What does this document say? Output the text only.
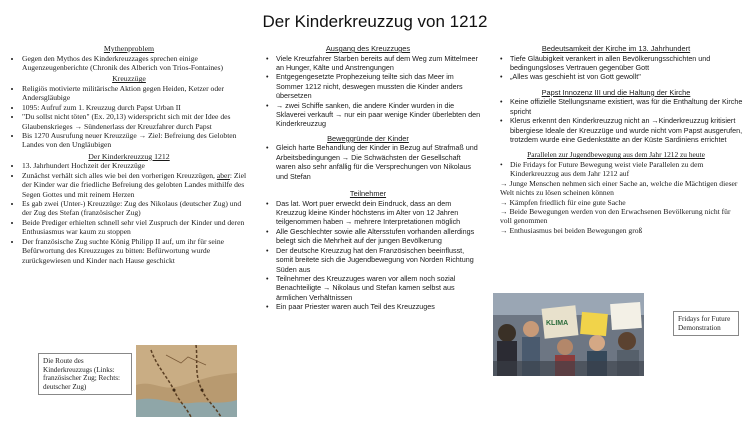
Der Kinderkreuzzug von 1212
Mythenproblem
• Gegen den Mythos des Kinderkreuzzages sprechen einige Augenzeugenberichte (Chronik des Alberich von Trios-Fontaines)
Kreuzzüge
• Religiös motivierte militärische Aktion gegen Heiden, Ketzer oder Andersgläubige
• 1095: Aufruf zum 1. Kreuzzug durch Papst Urban II
• "Du sollst nicht töten" (Ex. 20,13) widerspricht sich mit der Idee des Glaubenskrieges → Sündenerlass der Kreuzfahrer durch Papst
• Bis 1270 Ausrufung neuer Kreuzzüge → Ziel: Befreiung des Gelobten Landes von den Ungläubigen
Der Kinderkreuzzug 1212
• 13. Jahrhundert Hochzeit der Kreuzzüge
• Zunächst verhält sich alles wie bei den vorherigen Kreuzzügen, aber: Ziel der Kinder war die friedliche Befreiung des gelobten Landes mithilfe des Segen Gottes und mit reinem Herzen
• Es gab zwei (Unter-) Kreuzzüge: Zug des Nikolaus (deutscher Zug) und der Zug des Stefan (französischer Zug)
• Beide Prediger erhielten schnell sehr viel Zuspruch der Kinder und deren Enthusiasmus war kaum zu stoppen
• Der französische Zug suchte König Philipp II auf, um ihr für seine Befürwortung des Kreuzzuges zu bitten: Befürwortung wurde zurückgewiesen und Kinder nach Hause geschickt
Die Route des Kinderkreuzzugs (Links: französischer Zug; Rechts: deutscher Zug)
Ausgang des Kreuzzuges
• Viele Kreuzfahrer Starben bereits auf dem Weg zum Mittelmeer an Hunger, Kälte und Anstrengungen
• Entgegengesetzte Prophezeiung teilte sich das Meer im Sommer 1212 nicht, deswegen mussten die Kinder anders übersetzen
• → zwei Schiffe sanken, die andere Kinder wurden in die Sklaverei verkauft → nur ein paar wenige Kinder überlebten den Kinderkreuzzug
Beweggründe der Kinder
• Gleich harte Behandlung der Kinder in Bezug auf Strafmaß und Arbeitsbedingungen → Die Schwächsten der Gesellschaft waren also sehr anfällig für die Versprechungen von Nikolaus und Stefan
Teilnehmer
• Das lat. Wort puer erweckt dein Eindruck, dass an dem Kreuzzug kleine Kinder höchstens im Alter von 12 Jahren teilgenommen haben → mehrere Interpretationen möglich
• Alle Geschlechter sowie alle Altersstufen vorhanden allerdings belegt sich die Mehrheit auf der jungen Bevölkerung
• Der deutsche Kreuzzug hat den Französischen beeinflusst, somit breitete sich die Jugendbewegung von Norden Richtung Süden aus
• Teilnehmer des Kreuzzuges waren vor allem noch sozial Benachteiligte → Nikolaus und Stefan kamen selbst aus ärmlichen Verhältnissen
• Ein paar Priester waren auch Teil des Kreuzzuges
Bedeutsamkeit der Kirche im 13. Jahrhundert
• Tiefe Gläubigkeit verankert in allen Bevölkerungsschichten und bedingungsloses Vertrauen gegenüber Gott
• „Alles was geschieht ist von Gott gewollt"
Papst Innozenz III und die Haltung der Kirche
• Keine offizielle Stellungsname existiert, was für die Enthaltung der Kirche spricht
• Klerus erkennt den Kinderkreuzzug nicht an →Kinderkreuzzug kritisiert bibergiese Ideale der Kreuzzüge und wurde nicht vom Papst ausgerufen, trotzdem wurde eine Gedenkstätte an der Küste Sardiniens errichtet
Parallelen zur Jugendbewegung aus dem Jahr 1212 zu heute
• Die Fridays for Future Bewegung weist viele Parallelen zu dem Kinderkreuzzug aus dem Jahr 1212 auf
→ Junge Menschen nehmen sich einer Sache an, welche die Mächtigen dieser Welt nichts zu lösen scheinen können
→ Kämpfen friedlich für eine gute Sache
→ Beide Bewegungen werden von den Erwachsenen Bevölkerung nicht für voll genommen
→ Enthusiasmus bei beiden Bewegungen groß
KLIMA
Fridays for Future Demonstration
